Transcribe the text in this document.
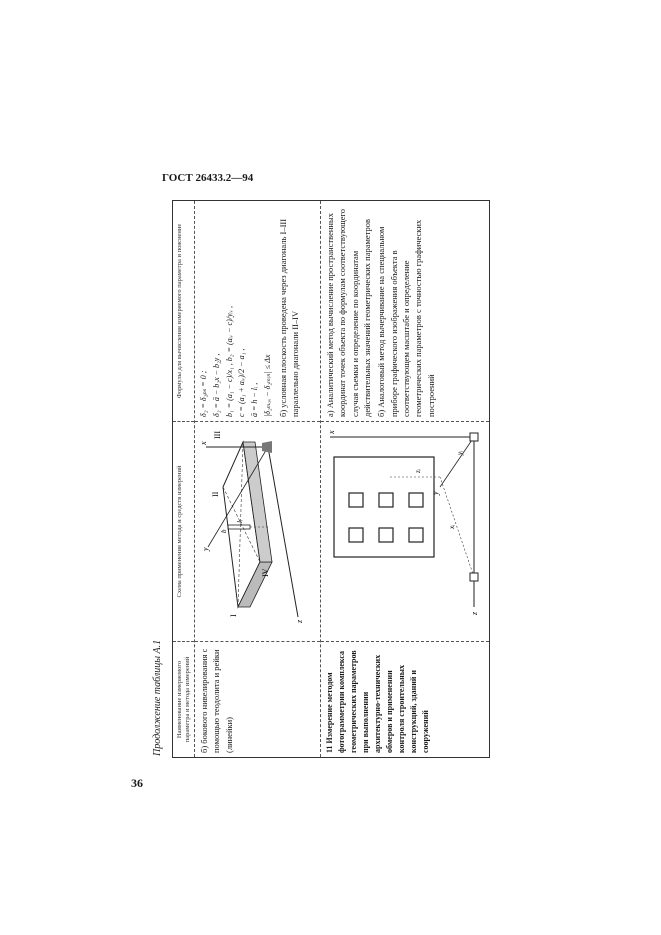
ГОСТ 26433.2—94
36
Продолжение таблицы А.1	Наименование измеряемого параметра и метода измерений
Схема применения метода и средств измерений
Формулы для вычисления измеряемого параметра и пояснение
б) бокового нивелирования с помощью теодолита и рейки (линейки)
III
II
I
IV
x
y
z
lᵢ
b
δ₂ = δ₂ₚₛ = 0 ; δ₂ = ā − b₂x − b₂y , b₁ = (a₁ − c)/x₁ , b₂ = (aᵢᵥ − c)/yᵢᵥ , c = (a₁ + aᵢᵥ)/2 − a₁ , ā = h − lᵢ , |δ₂ₘₐₓ − δ₂ₘᵢₙ| ≤ Δx б) условная плоскость проведена через диагональ I–III параллельно диагонали II–IV
11 Измерение методом фотограмметрии комплекса геометрических параметров при выполнении архитектурно-технических обмеров и применении контроля строительных конструкций, зданий и сооружений
x
y
z
xᵢ
zᵢ
yᵢ
а) Аналитический метод вычисление пространственных координат точек объекта по формулам соответствующего случая съемки и определение по координатам действительных значений геометрических параметров б) Аналоговый метод вычерчивание на специальном приборе графического изображения объекта в соответствующем масштабе и определение геометрических параметров с точностью графических построений
